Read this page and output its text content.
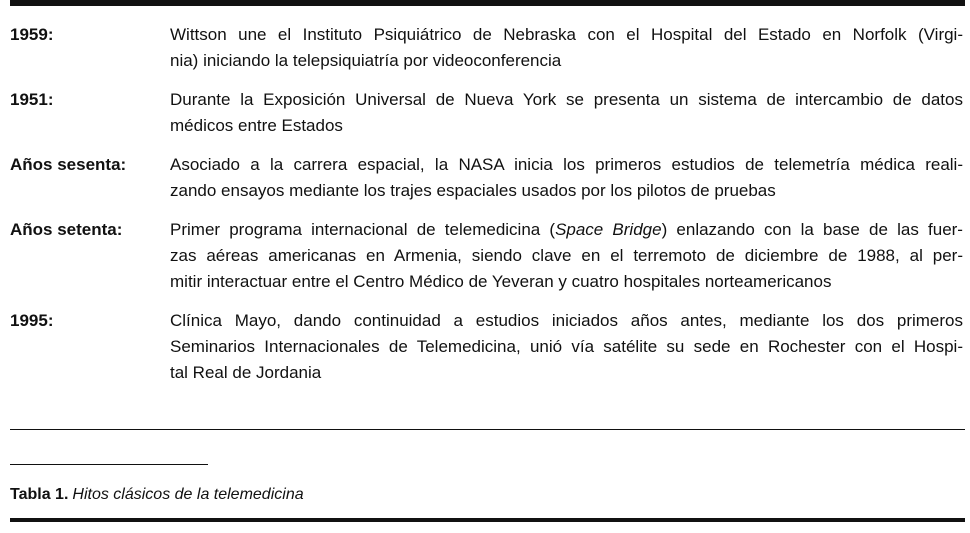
1959:	Wittson une el Instituto Psiquiátrico de Nebraska con el Hospital del Estado en Norfolk (Virgi-
nia) iniciando la telepsiquiatría por videoconferencia
1951:	Durante la Exposición Universal de Nueva York se presenta un sistema de intercambio de datos
médicos entre Estados
Años sesenta:	Asociado a la carrera espacial, la NASA inicia los primeros estudios de telemetría médica reali-
zando ensayos mediante los trajes espaciales usados por los pilotos de pruebas
Años setenta:	Primer programa internacional de telemedicina (Space Bridge) enlazando con la base de las fuer-
zas aéreas americanas en Armenia, siendo clave en el terremoto de diciembre de 1988, al per-
mitir interactuar entre el Centro Médico de Yeveran y cuatro hospitales norteamericanos
1995:	Clínica Mayo, dando continuidad a estudios iniciados años antes, mediante los dos primeros
Seminarios Internacionales de Telemedicina, unió vía satélite su sede en Rochester con el Hospi-
tal Real de Jordania
Tabla 1. Hitos clásicos de la telemedicina
